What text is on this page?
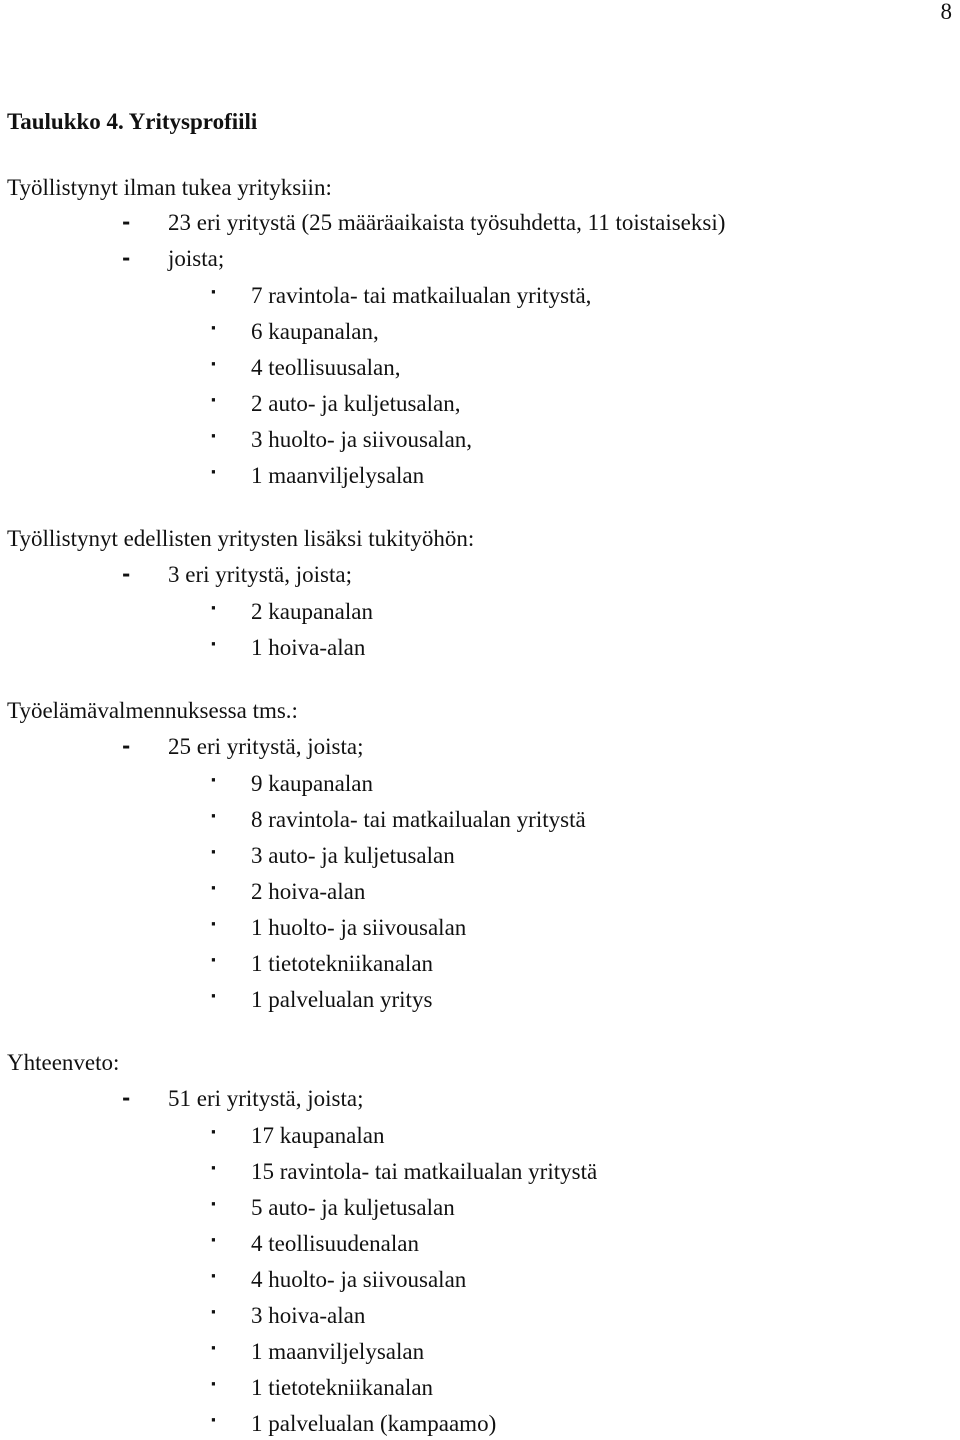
8
Taulukko 4. Yritysprofiili
Työllistynyt ilman tukea yrityksiin:
- 23 eri yritystä (25 määräaikaista työsuhdetta, 11 toistaiseksi)
- joista;
· 7 ravintola- tai matkailualan yritystä,
· 6 kaupanalan,
· 4 teollisuusalan,
· 2 auto- ja kuljetusalan,
· 3 huolto- ja siivousalan,
· 1 maanviljelysalan
Työllistynyt edellisten yritysten lisäksi tukityöhön:
- 3 eri yritystä, joista;
· 2 kaupanalan
· 1 hoiva-alan
Työelämävalmennuksessa tms.:
- 25 eri yritystä, joista;
· 9 kaupanalan
· 8 ravintola- tai matkailualan yritystä
· 3 auto- ja kuljetusalan
· 2 hoiva-alan
· 1 huolto- ja siivousalan
· 1 tietotekniikanalan
· 1 palvelualan yritys
Yhteenveto:
- 51 eri yritystä, joista;
· 17 kaupanalan
· 15 ravintola- tai matkailualan yritystä
· 5 auto- ja kuljetusalan
· 4 teollisuudenalan
· 4 huolto- ja siivousalan
· 3 hoiva-alan
· 1 maanviljelysalan
· 1 tietotekniikanalan
· 1 palvelualan (kampaamo)
